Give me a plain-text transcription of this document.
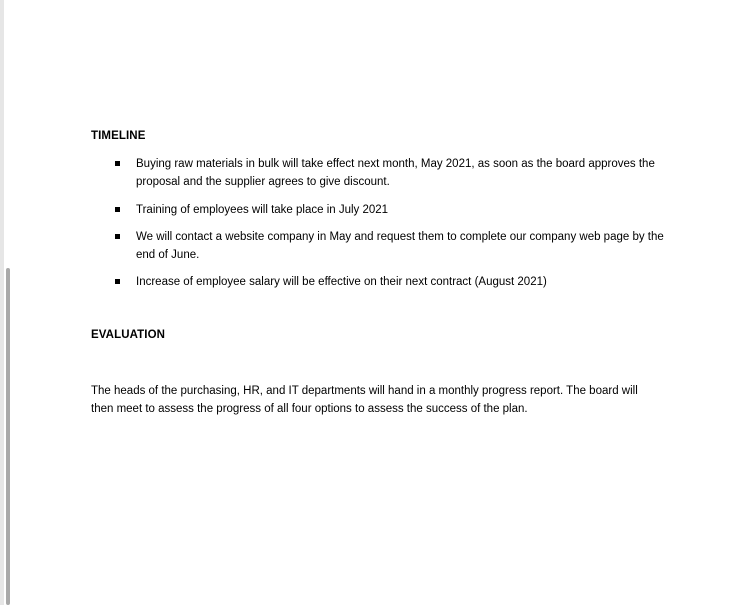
TIMELINE
Buying raw materials in bulk will take effect next month, May 2021, as soon as the board approves the proposal and the supplier agrees to give discount.
Training of employees will take place in July 2021
We will contact a website company in May and request them to complete our company web page by the end of June.
Increase of employee salary will be effective on their next contract (August 2021)
EVALUATION
The heads of the purchasing, HR, and IT departments will hand in a monthly progress report. The board will then meet to assess the progress of all four options to assess the success of the plan.
